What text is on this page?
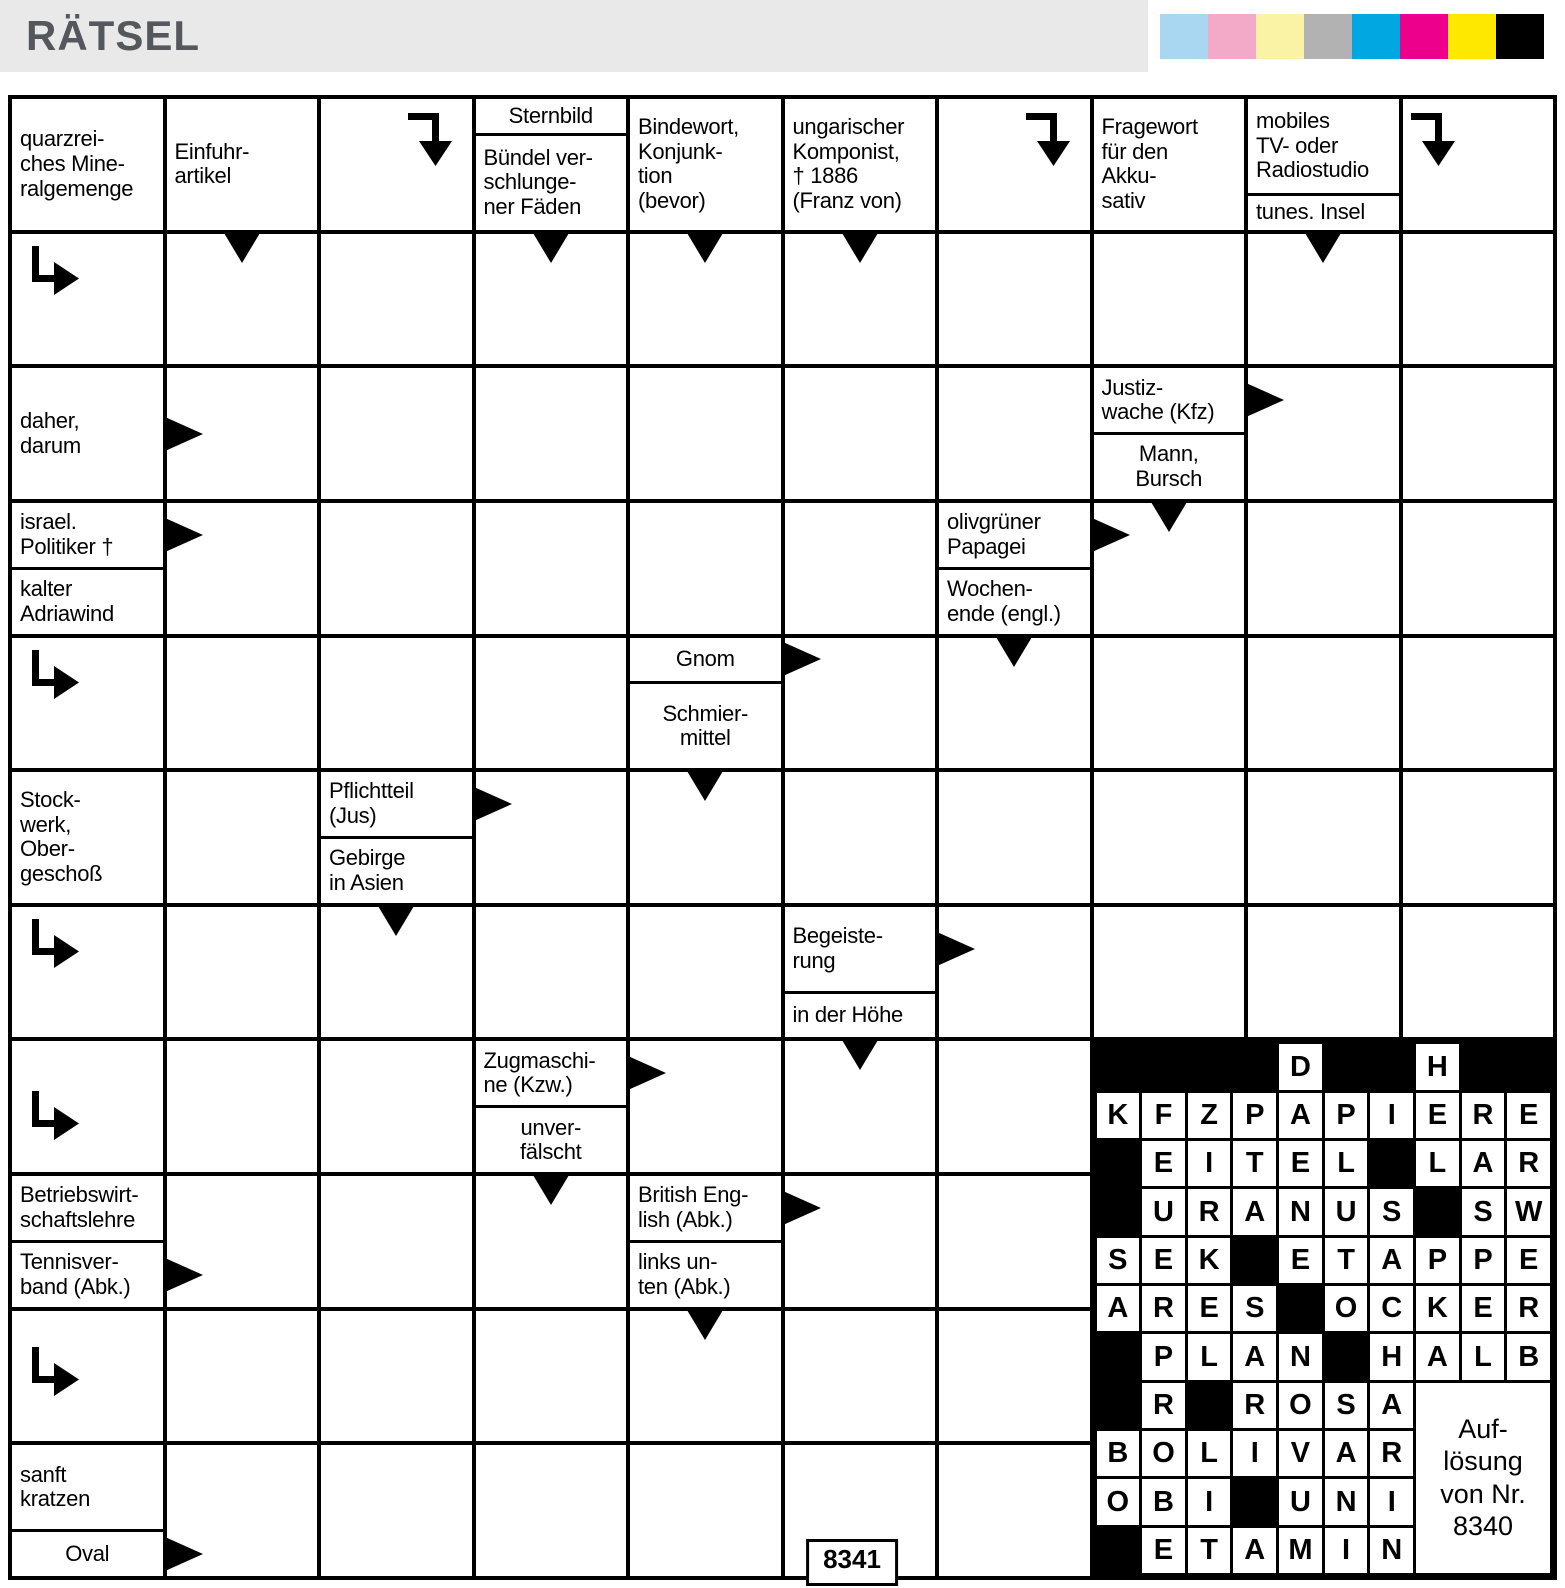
RÄTSEL
8341
quarzrei-
ches Mine-
ralgemenge
Einfuhr-
artikel
Sternbild
Bündel ver-
schlunge-
ner Fäden
Bindewort,
Konjunk-
tion
(bevor)
ungarischer
Komponist,
† 1886
(Franz von)
Fragewort
für den
Akku-
sativ
mobiles
TV- oder
Radiostudio
tunes. Insel
daher,
darum
Justiz-
wache (Kfz)
Mann,
Bursch
israel.
Politiker †
kalter
Adriawind
olivgrüner
Papagei
Wochen-
ende (engl.)
Gnom
Schmier-
mittel
Stock-
werk,
Ober-
geschoß
Pflichtteil
(Jus)
Gebirge
in Asien
Begeiste-
rung
in der Höhe
Zugmaschi-
ne (Kzw.)
unver-
fälscht
Betriebswirt-
schaftslehre
Tennisver-
band (Abk.)
British Eng-
lish (Abk.)
links un-
ten (Abk.)
sanft
kratzen
Oval
D	H
K F Z P A P	I	E R E
E	I	T E L	L A R
U R A N U S	S W
S E K	E T A P P E
A R E S	O C K E R
P L A N	H A L B
R	R O S A
B O L	I	V A R
O B	I	U N	I
E T A M	I	N
Auf-
lösung
von Nr.
8340
